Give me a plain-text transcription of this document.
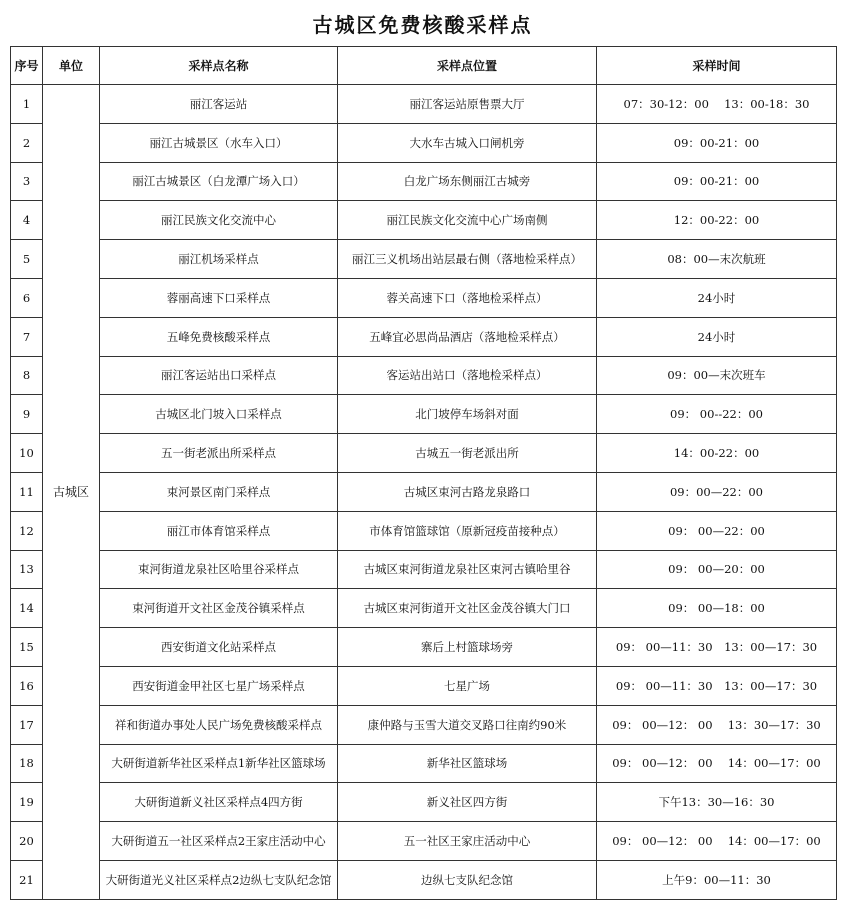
古城区免费核酸采样点
序号	单位	采样点名称	采样点位置	采样时间
1	古城区	丽江客运站	丽江客运站原售票大厅	07：30-12：00　 13：00-18：30
2		丽江古城景区（水车入口）	大水车古城入口闸机旁	09：00-21：00
3		丽江古城景区（白龙潭广场入口）	白龙广场东侧丽江古城旁	09：00-21：00
4		丽江民族文化交流中心	丽江民族文化交流中心广场南侧	12：00-22：00
5		丽江机场采样点	丽江三义机场出站层最右侧（落地检采样点）	08：00—末次航班
6		蓉丽高速下口采样点	蓉关高速下口（落地检采样点）	24小时
7		五峰免费核酸采样点	五峰宜必思尚品酒店（落地检采样点）	24小时
8		丽江客运站出口采样点	客运站出站口（落地检采样点）	09：00—末次班车
9		古城区北门坡入口采样点	北门坡停车场斜对面	09： 00--22：00
10		五一街老派出所采样点	古城五一街老派出所	14：00-22：00
11		束河景区南门采样点	古城区束河古路龙泉路口	09：00—22：00
12		丽江市体育馆采样点	市体育馆篮球馆（原新冠疫苗接种点）	09： 00—22：00
13		束河街道龙泉社区哈里谷采样点	古城区束河街道龙泉社区束河古镇哈里谷	09： 00—20：00
14		束河街道开文社区金茂谷镇采样点	古城区束河街道开文社区金茂谷镇大门口	09： 00—18：00
15		西安街道文化站采样点	寨后上村篮球场旁	09： 00—11：30　13：00—17：30
16		西安街道金甲社区七星广场采样点	七星广场	09： 00—11：30　13：00—17：30
17		祥和街道办事处人民广场免费核酸采样点	康仲路与玉雪大道交叉路口往南约90米	09： 00—12： 00　 13：30—17：30
18		大研街道新华社区采样点1新华社区篮球场	新华社区篮球场	09： 00—12： 00　 14：00—17：00
19		大研街道新义社区采样点4四方街	新义社区四方街	下午13：30—16：30
20		大研街道五一社区采样点2王家庄活动中心	五一社区王家庄活动中心	09： 00—12： 00　 14：00—17：00
21		大研街道光义社区采样点2边纵七支队纪念馆	边纵七支队纪念馆	上午9：00—11：30
